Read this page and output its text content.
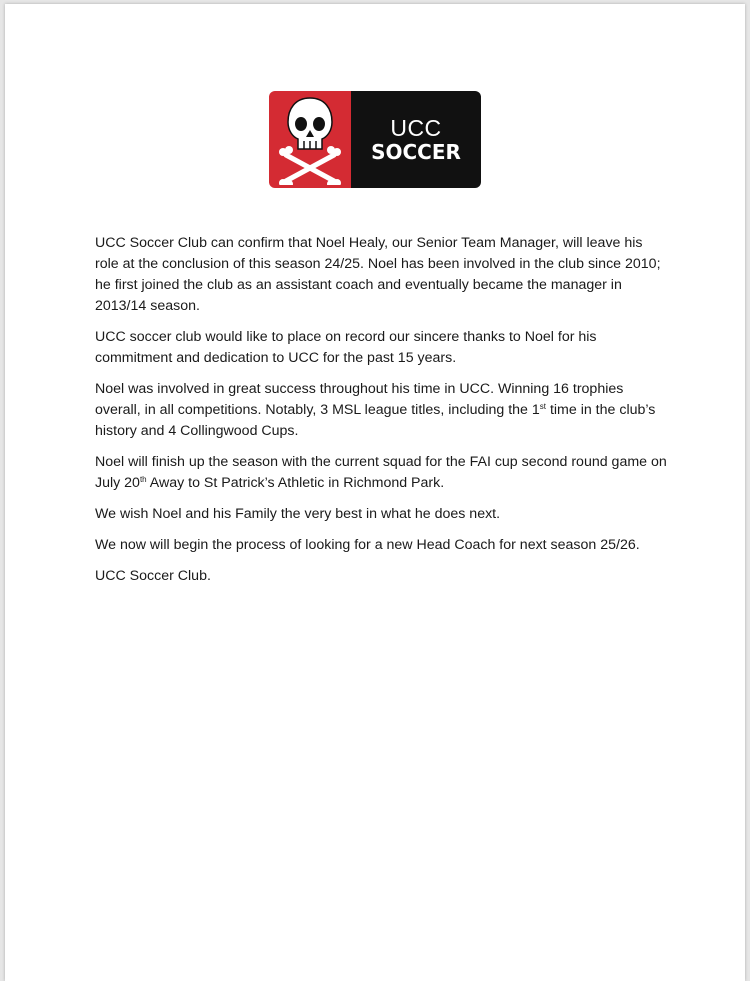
UCC
SOCCER

UCC Soccer Club can confirm that Noel Healy, our Senior Team Manager, will leave his role at the conclusion of this season 24/25. Noel has been involved in the club since 2010; he first joined the club as an assistant coach and eventually became the manager in 2013/14 season.

UCC soccer club would like to place on record our sincere thanks to Noel for his commitment and dedication to UCC for the past 15 years.

Noel was involved in great success throughout his time in UCC. Winning 16 trophies overall, in all competitions. Notably, 3 MSL league titles, including the 1st time in the club’s history and 4 Collingwood Cups.

Noel will finish up the season with the current squad for the FAI cup second round game on July 20th Away to St Patrick’s Athletic in Richmond Park.

We wish Noel and his Family the very best in what he does next.

We now will begin the process of looking for a new Head Coach for next season 25/26.

UCC Soccer Club.
